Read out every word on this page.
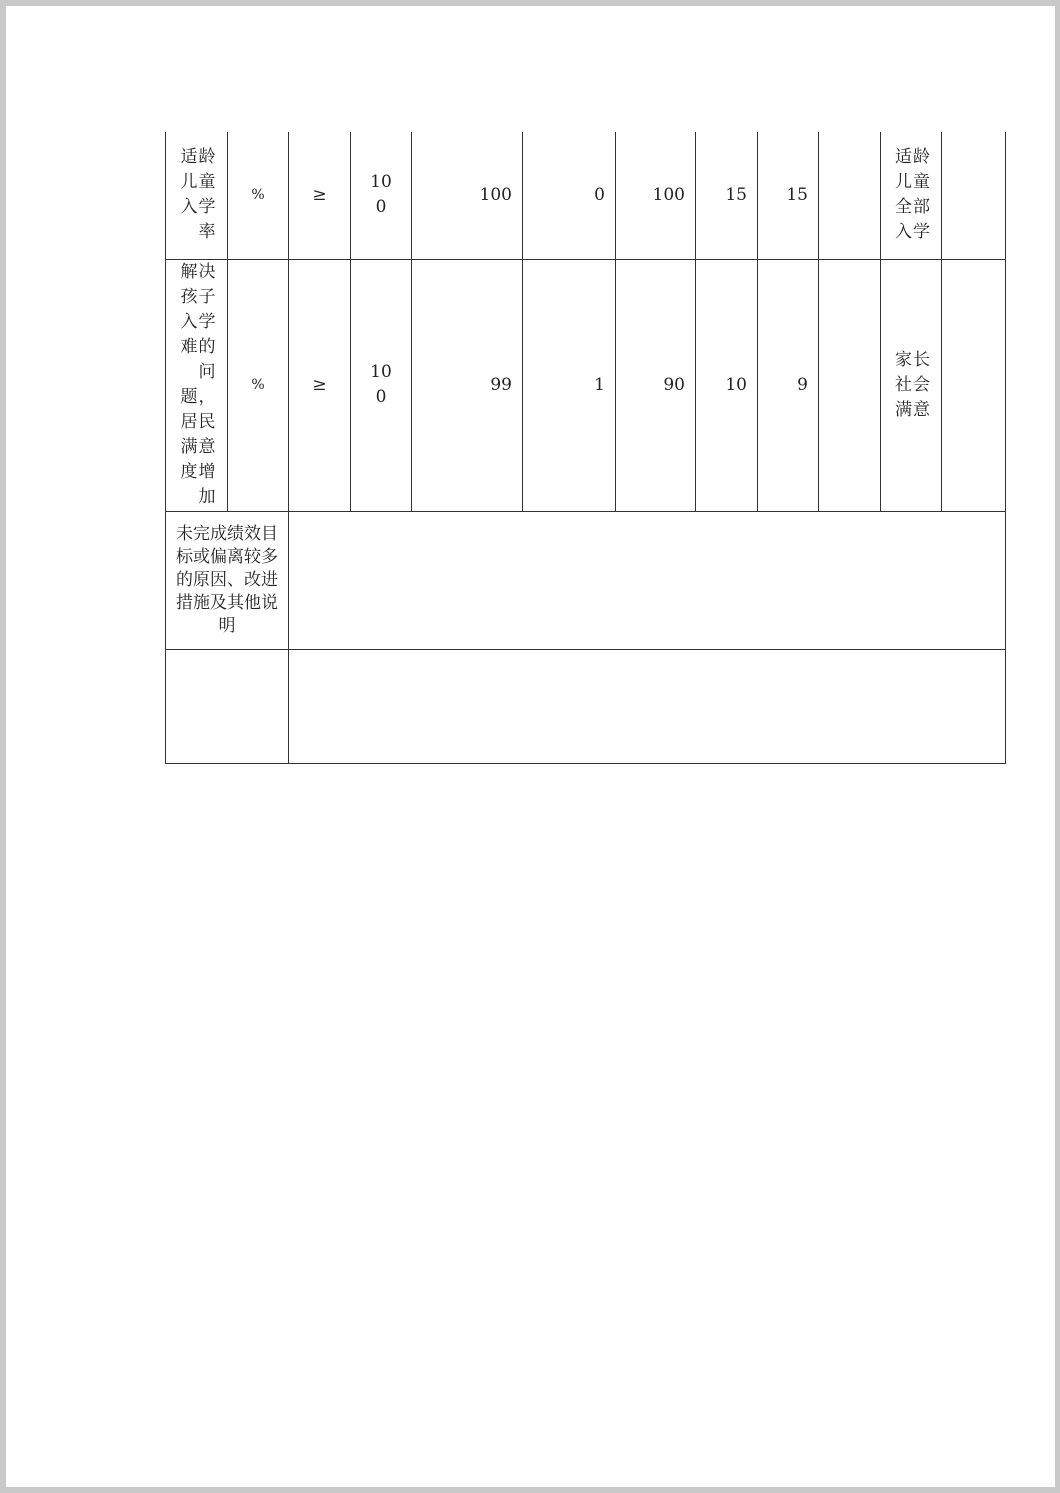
适龄儿童入学率	%	≥	100	100	0	100	15	15		适龄儿童全部入学	

解决孩子入学难的问题，居民满意度增加	%	≥	100	99	1	90	10	9		家长社会满意	

未完成绩效目标或偏离较多的原因、改进措施及其他说明											
